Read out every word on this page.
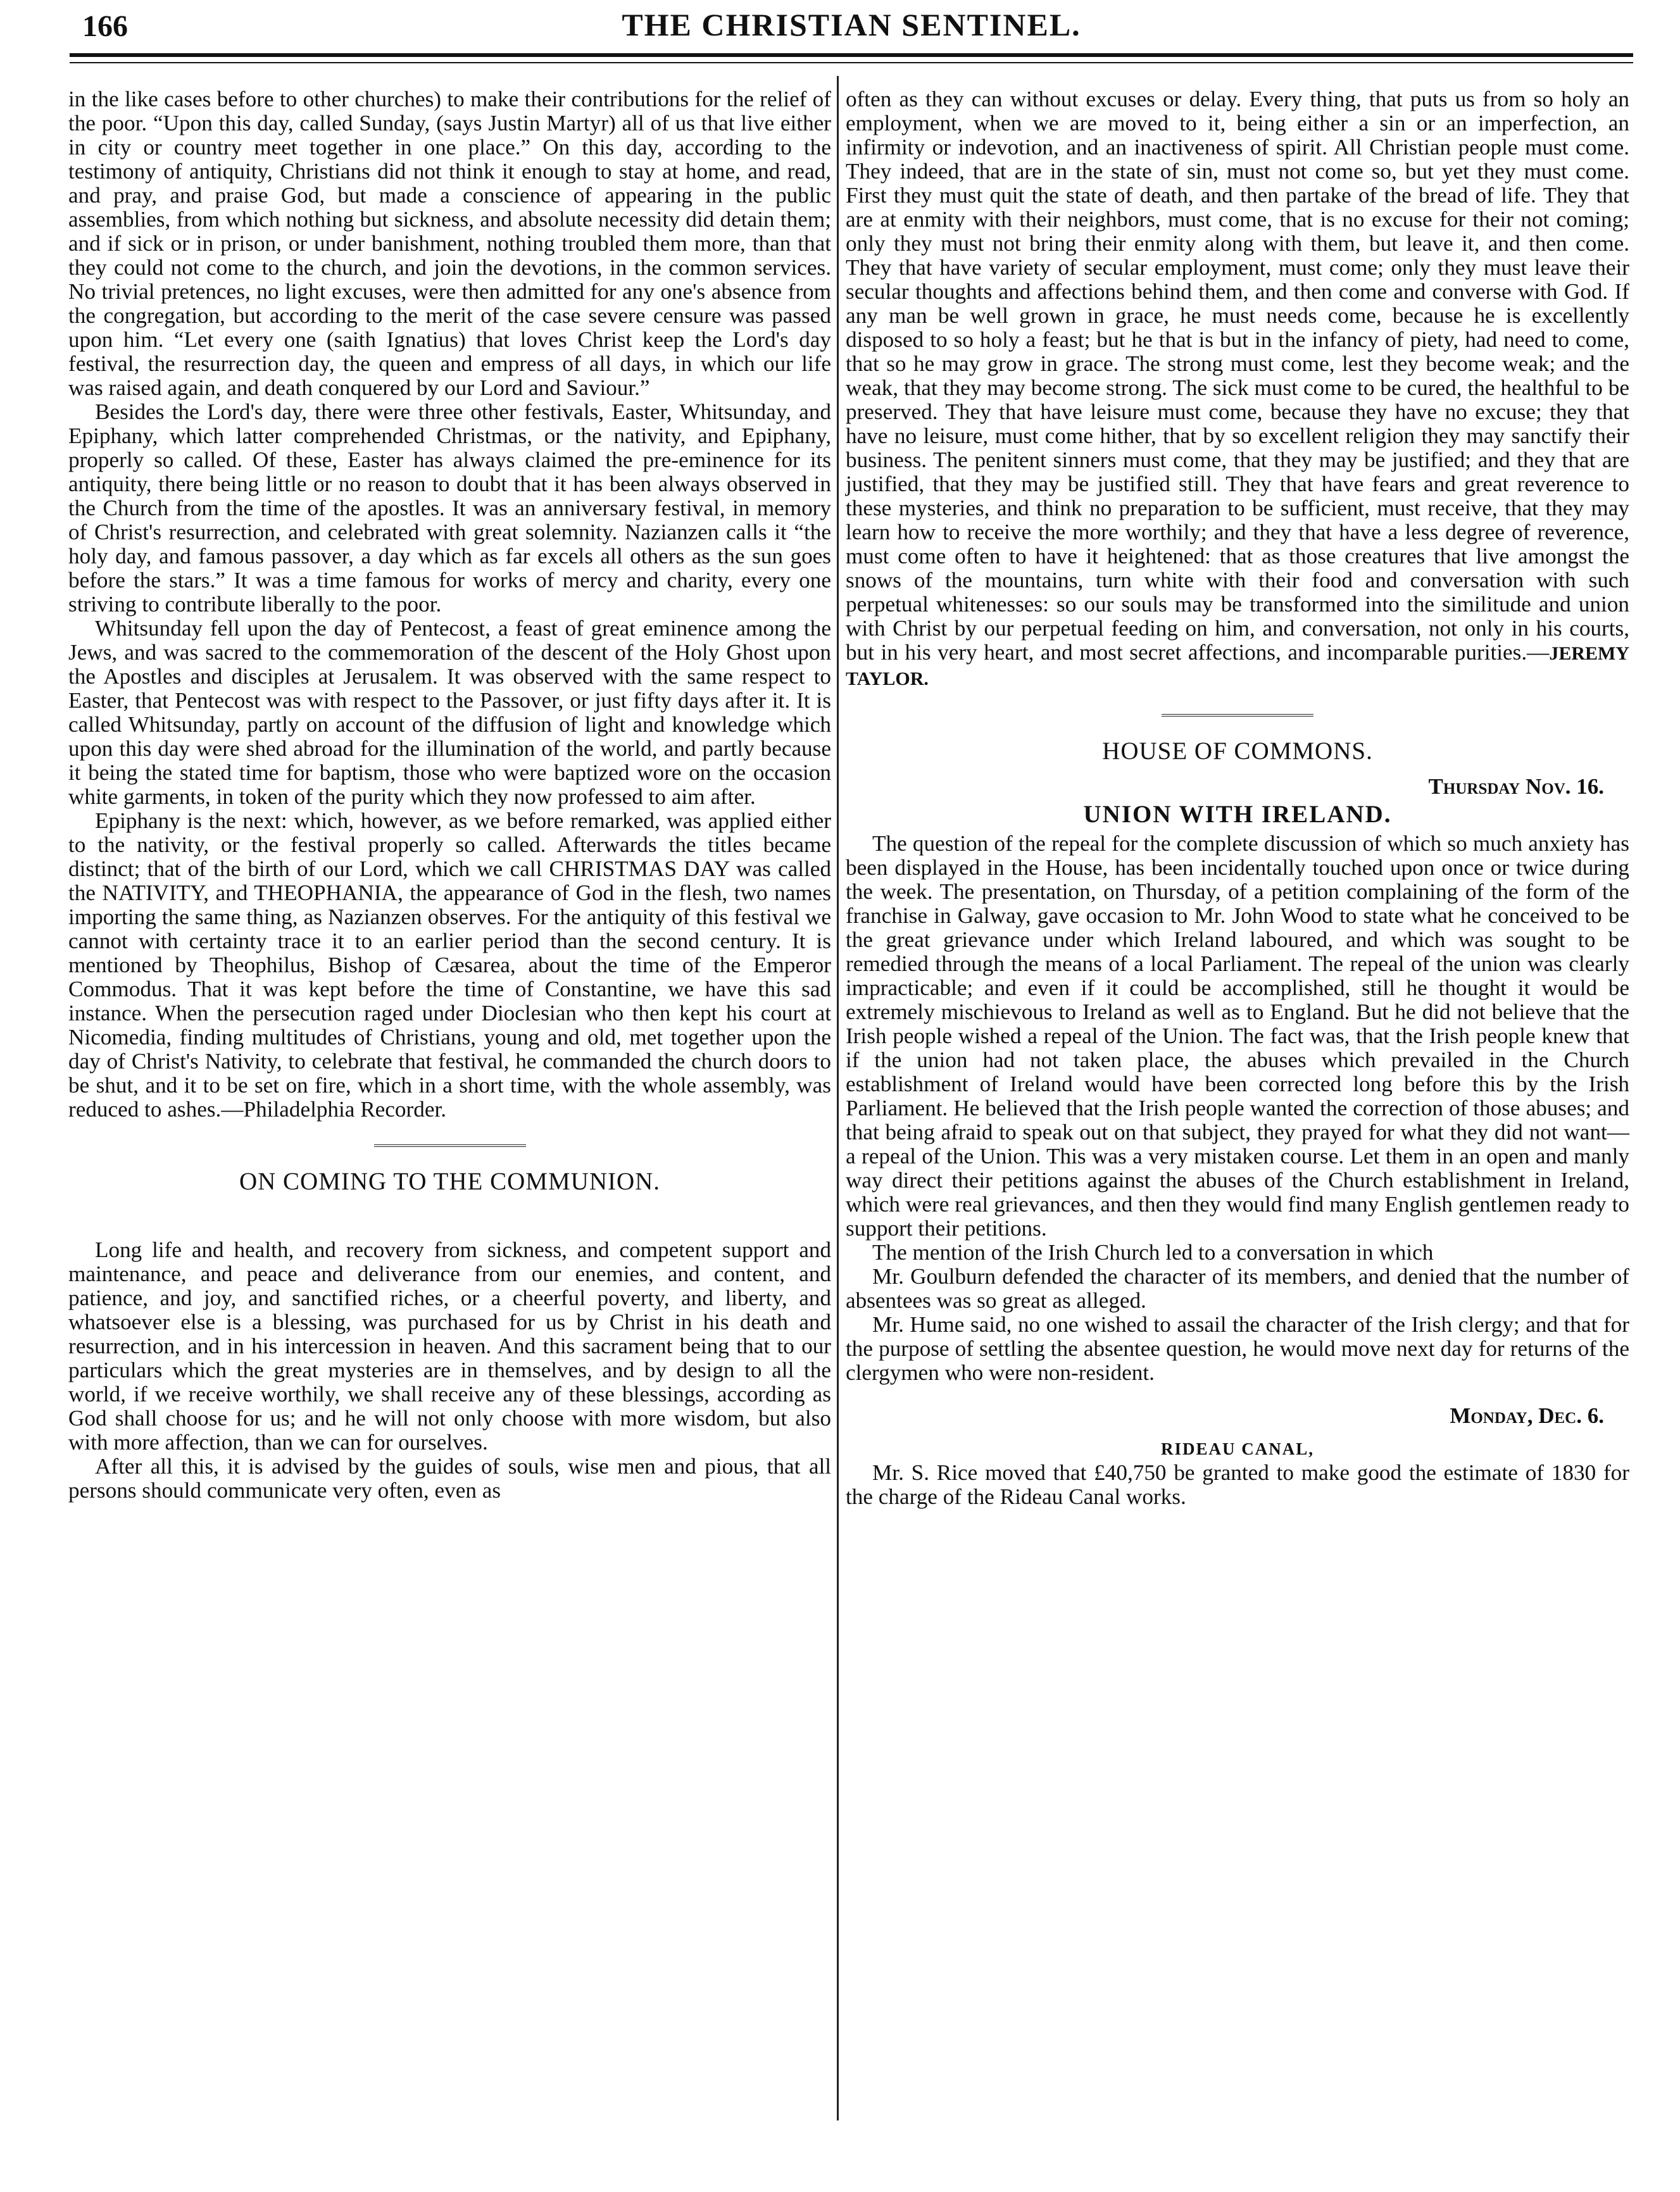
166	THE CHRISTIAN SENTINEL.

in the like cases before to other churches) to make their contributions for the relief of the poor. “Upon this day, called Sunday, (says Justin Martyr) all of us that live either in city or country meet together in one place.” On this day, according to the testimony of antiquity, Christians did not think it enough to stay at home, and read, and pray, and praise God, but made a conscience of appearing in the public assemblies, from which nothing but sickness, and absolute necessity did detain them; and if sick or in prison, or under banishment, nothing troubled them more, than that they could not come to the church, and join the devotions, in the common services. No trivial pretences, no light excuses, were then admitted for any one's absence from the congregation, but according to the merit of the case severe censure was passed upon him. “Let every one (saith Ignatius) that loves Christ keep the Lord's day festival, the resurrection day, the queen and empress of all days, in which our life was raised again, and death conquered by our Lord and Saviour.”

Besides the Lord's day, there were three other festivals, Easter, Whitsunday, and Epiphany, which latter comprehended Christmas, or the nativity, and Epiphany, properly so called. Of these, Easter has always claimed the pre-eminence for its antiquity, there being little or no reason to doubt that it has been always observed in the Church from the time of the apostles. It was an anniversary festival, in memory of Christ's resurrection, and celebrated with great solemnity. Nazianzen calls it “the holy day, and famous passover, a day which as far excels all others as the sun goes before the stars.” It was a time famous for works of mercy and charity, every one striving to contribute liberally to the poor.

Whitsunday fell upon the day of Pentecost, a feast of great eminence among the Jews, and was sacred to the commemoration of the descent of the Holy Ghost upon the Apostles and disciples at Jerusalem. It was observed with the same respect to Easter, that Pentecost was with respect to the Passover, or just fifty days after it. It is called Whitsunday, partly on account of the diffusion of light and knowledge which upon this day were shed abroad for the illumination of the world, and partly because it being the stated time for baptism, those who were baptized wore on the occasion white garments, in token of the purity which they now professed to aim after.

Epiphany is the next: which, however, as we before remarked, was applied either to the nativity, or the festival properly so called. Afterwards the titles became distinct; that of the birth of our Lord, which we call CHRISTMAS DAY was called the NATIVITY, and THEOPHANIA, the appearance of God in the flesh, two names importing the same thing, as Nazianzen observes. For the antiquity of this festival we cannot with certainty trace it to an earlier period than the second century. It is mentioned by Theophilus, Bishop of Cæsarea, about the time of the Emperor Commodus. That it was kept before the time of Constantine, we have this sad instance. When the persecution raged under Dioclesian who then kept his court at Nicomedia, finding multitudes of Christians, young and old, met together upon the day of Christ's Nativity, to celebrate that festival, he commanded the church doors to be shut, and it to be set on fire, which in a short time, with the whole assembly, was reduced to ashes.—Philadelphia Recorder.

ON COMING TO THE COMMUNION.

Long life and health, and recovery from sickness, and competent support and maintenance, and peace and deliverance from our enemies, and content, and patience, and joy, and sanctified riches, or a cheerful poverty, and liberty, and whatsoever else is a blessing, was purchased for us by Christ in his death and resurrection, and in his intercession in heaven. And this sacrament being that to our particulars which the great mysteries are in themselves, and by design to all the world, if we receive worthily, we shall receive any of these blessings, according as God shall choose for us; and he will not only choose with more wisdom, but also with more affection, than we can for ourselves.

After all this, it is advised by the guides of souls, wise men and pious, that all persons should communicate very often, even as

often as they can without excuses or delay. Every thing, that puts us from so holy an employment, when we are moved to it, being either a sin or an imperfection, an infirmity or indevotion, and an inactiveness of spirit. All Christian people must come. They indeed, that are in the state of sin, must not come so, but yet they must come. First they must quit the state of death, and then partake of the bread of life. They that are at enmity with their neighbors, must come, that is no excuse for their not coming; only they must not bring their enmity along with them, but leave it, and then come. They that have variety of secular employment, must come; only they must leave their secular thoughts and affections behind them, and then come and converse with God. If any man be well grown in grace, he must needs come, because he is excellently disposed to so holy a feast; but he that is but in the infancy of piety, had need to come, that so he may grow in grace. The strong must come, lest they become weak; and the weak, that they may become strong. The sick must come to be cured, the healthful to be preserved. They that have leisure must come, because they have no excuse; they that have no leisure, must come hither, that by so excellent religion they may sanctify their business. The penitent sinners must come, that they may be justified; and they that are justified, that they may be justified still. They that have fears and great reverence to these mysteries, and think no preparation to be sufficient, must receive, that they may learn how to receive the more worthily; and they that have a less degree of reverence, must come often to have it heightened: that as those creatures that live amongst the snows of the mountains, turn white with their food and conversation with such perpetual whitenesses: so our souls may be transformed into the similitude and union with Christ by our perpetual feeding on him, and conversation, not only in his courts, but in his very heart, and most secret affections, and incomparable purities.—JEREMY TAYLOR.

HOUSE OF COMMONS.
Thursday Nov. 16.
UNION WITH IRELAND.

The question of the repeal for the complete discussion of which so much anxiety has been displayed in the House, has been incidentally touched upon once or twice during the week. The presentation, on Thursday, of a petition complaining of the form of the franchise in Galway, gave occasion to Mr. John Wood to state what he conceived to be the great grievance under which Ireland laboured, and which was sought to be remedied through the means of a local Parliament. The repeal of the union was clearly impracticable; and even if it could be accomplished, still he thought it would be extremely mischievous to Ireland as well as to England. But he did not believe that the Irish people wished a repeal of the Union. The fact was, that the Irish people knew that if the union had not taken place, the abuses which prevailed in the Church establishment of Ireland would have been corrected long before this by the Irish Parliament. He believed that the Irish people wanted the correction of those abuses; and that being afraid to speak out on that subject, they prayed for what they did not want—a repeal of the Union. This was a very mistaken course. Let them in an open and manly way direct their petitions against the abuses of the Church establishment in Ireland, which were real grievances, and then they would find many English gentlemen ready to support their petitions.

The mention of the Irish Church led to a conversation in which

Mr. Goulburn defended the character of its members, and denied that the number of absentees was so great as alleged.

Mr. Hume said, no one wished to assail the character of the Irish clergy; and that for the purpose of settling the absentee question, he would move next day for returns of the clergymen who were non-resident.

Monday, Dec. 6.
RIDEAU CANAL,

Mr. S. Rice moved that £40,750 be granted to make good the estimate of 1830 for the charge of the Rideau Canal works.
